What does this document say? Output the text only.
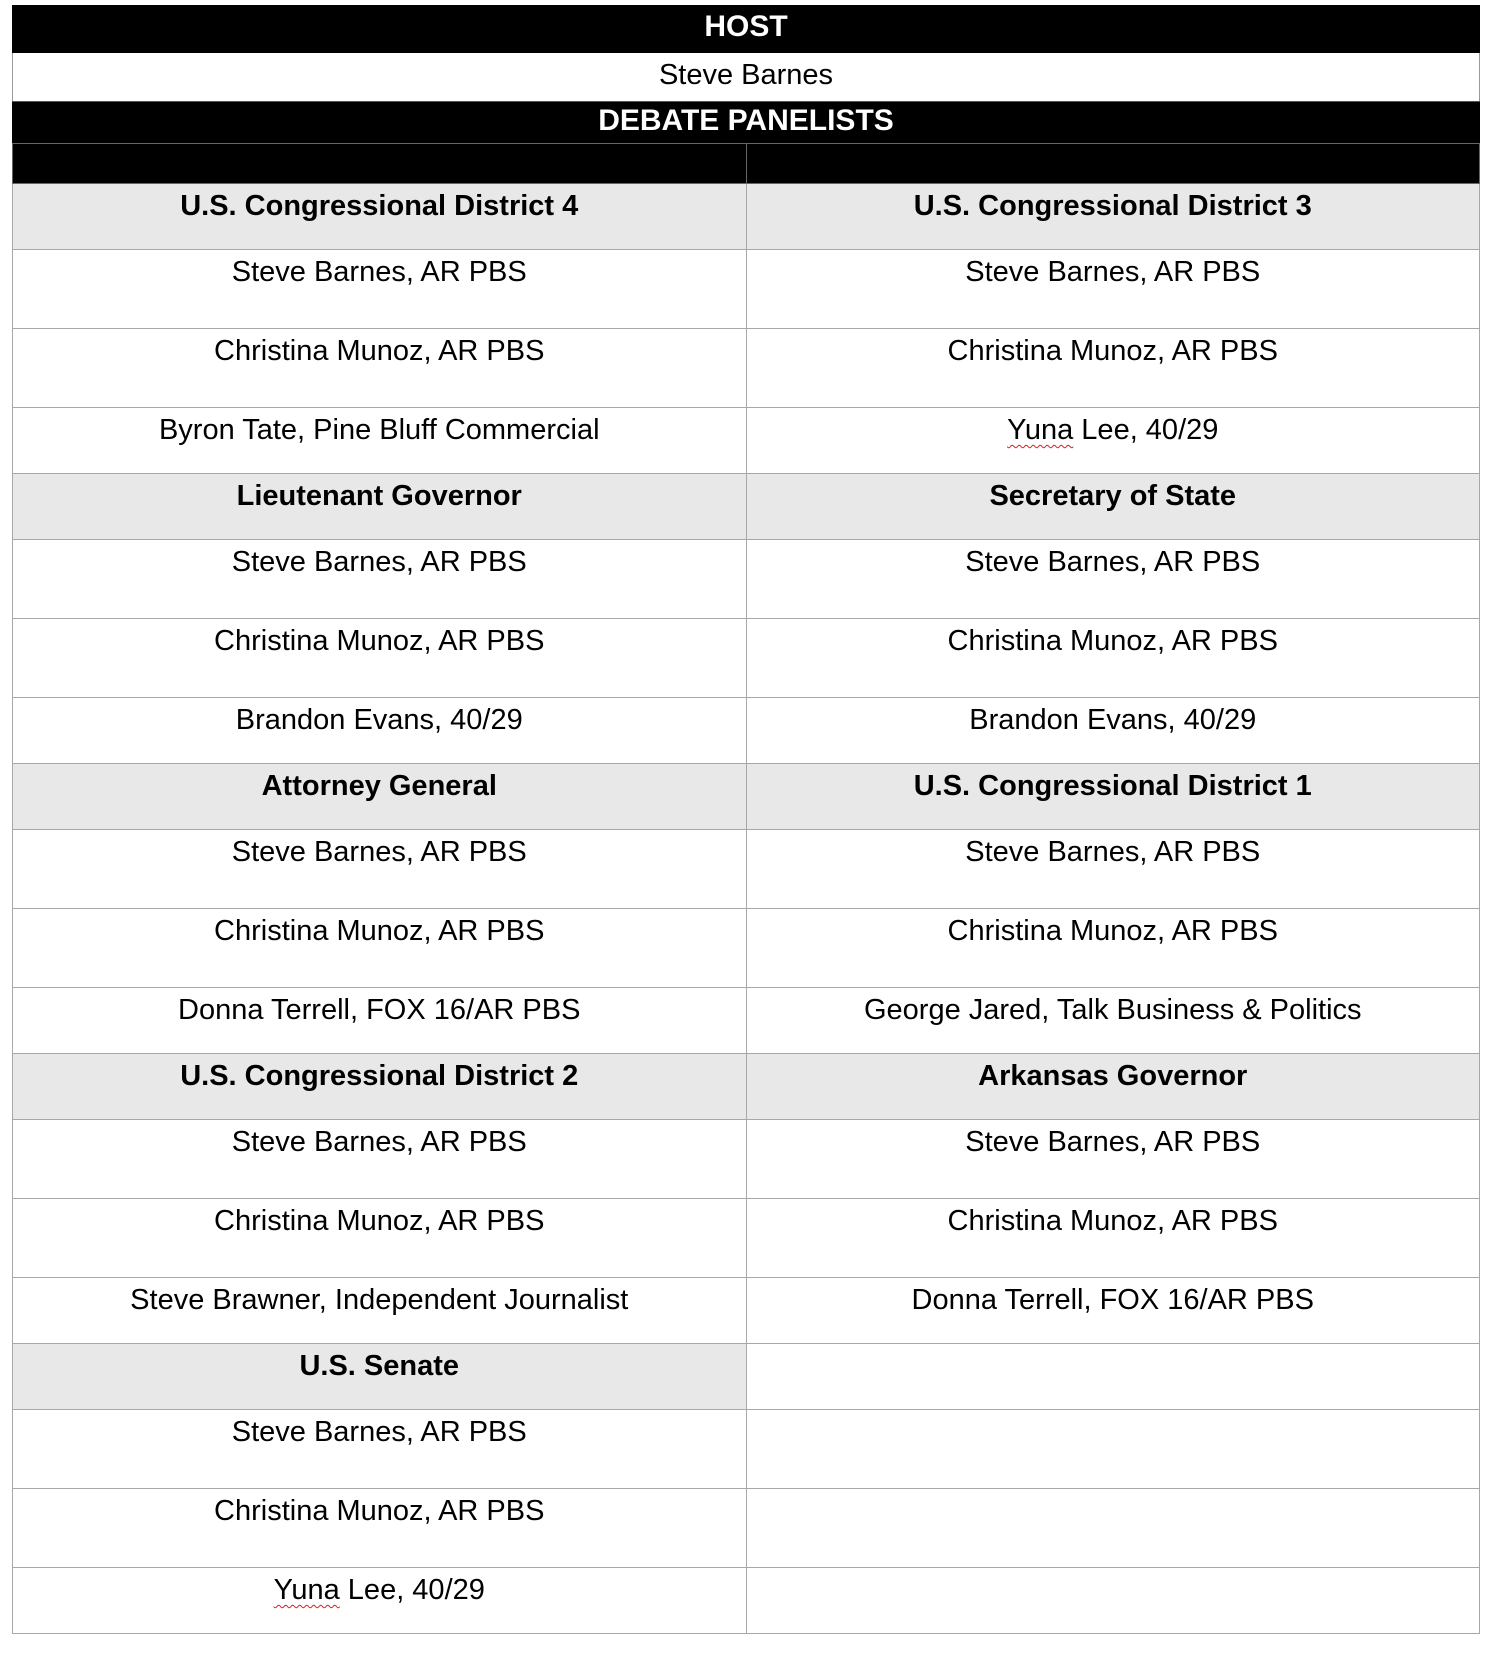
HOST
Steve Barnes
DEBATE PANELISTS

U.S. Congressional District 4	U.S. Congressional District 3
Steve Barnes, AR PBS	Steve Barnes, AR PBS
Christina Munoz, AR PBS	Christina Munoz, AR PBS
Byron Tate, Pine Bluff Commercial	Yuna Lee, 40/29
Lieutenant Governor	Secretary of State
Steve Barnes, AR PBS	Steve Barnes, AR PBS
Christina Munoz, AR PBS	Christina Munoz, AR PBS
Brandon Evans, 40/29	Brandon Evans, 40/29
Attorney General	U.S. Congressional District 1
Steve Barnes, AR PBS	Steve Barnes, AR PBS
Christina Munoz, AR PBS	Christina Munoz, AR PBS
Donna Terrell, FOX 16/AR PBS	George Jared, Talk Business & Politics
U.S. Congressional District 2	Arkansas Governor
Steve Barnes, AR PBS	Steve Barnes, AR PBS
Christina Munoz, AR PBS	Christina Munoz, AR PBS
Steve Brawner, Independent Journalist	Donna Terrell, FOX 16/AR PBS
U.S. Senate	
Steve Barnes, AR PBS	
Christina Munoz, AR PBS	
Yuna Lee, 40/29	
